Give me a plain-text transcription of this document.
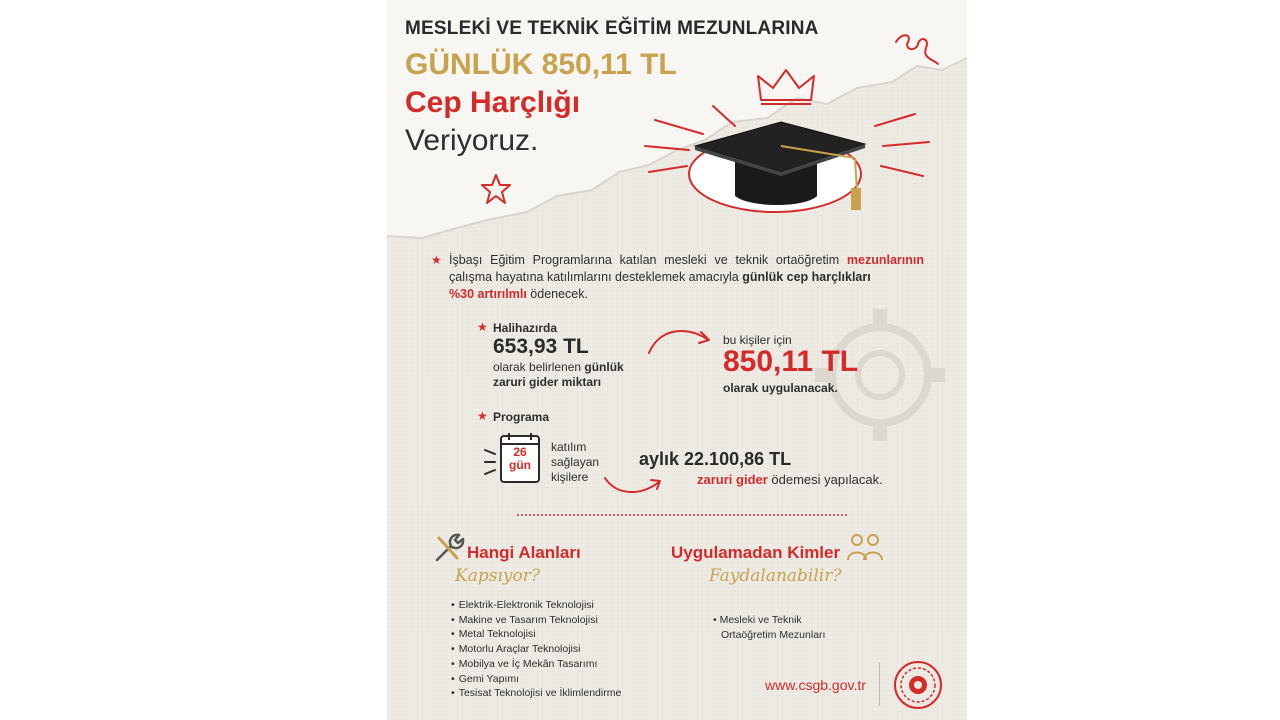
MESLEKİ VE TEKNİK EĞİTİM MEZUNLARINA
GÜNLÜK 850,11 TL
Cep Harçlığı
Veriyoruz.
★ İşbaşı Eğitim Programlarına katılan mesleki ve teknik ortaöğretim mezunlarının çalışma hayatına katılımlarını desteklemek amacıyla günlük cep harçlıkları
%30 artırılmlı ödenecek.
★ Halihazırda
653,93 TL
olarak belirlenen günlük
zaruri gider miktarı
bu kişiler için
850,11 TL
olarak uygulanacak.
★ Programa
26
gün
katılım
sağlayan
kişilere
aylık 22.100,86 TL
zaruri gider ödemesi yapılacak.
Hangi Alanları
Kapsıyor?
• Elektrik-Elektronik Teknolojisi
• Makine ve Tasarım Teknolojisi
• Metal Teknolojisi
• Motorlu Araçlar Teknolojisi
• Mobilya ve İç Mekân Tasarımı
• Gemi Yapımı
• Tesisat Teknolojisi ve İklimlendirme
Uygulamadan Kimler
Faydalanabilir?
• Mesleki ve Teknik
Ortaöğretim Mezunları
www.csgb.gov.tr
